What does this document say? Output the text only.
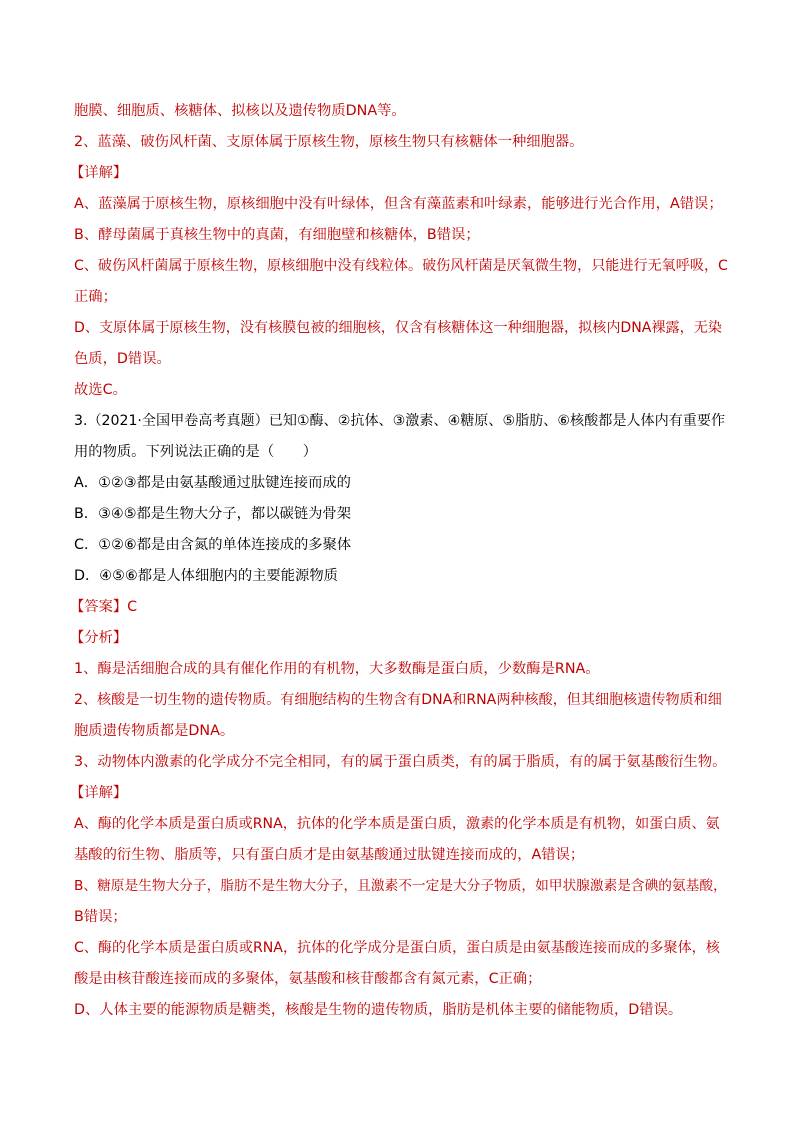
胞膜、细胞质、核糖体、拟核以及遗传物质DNA等。
2、蓝藻、破伤风杆菌、支原体属于原核生物，原核生物只有核糖体一种细胞器。
【详解】
A、蓝藻属于原核生物，原核细胞中没有叶绿体，但含有藻蓝素和叶绿素，能够进行光合作用，A错误；
B、酵母菌属于真核生物中的真菌，有细胞壁和核糖体，B错误；
C、破伤风杆菌属于原核生物，原核细胞中没有线粒体。破伤风杆菌是厌氧微生物，只能进行无氧呼吸，C
正确；
D、支原体属于原核生物，没有核膜包被的细胞核，仅含有核糖体这一种细胞器，拟核内DNA裸露，无染
色质，D错误。
故选C。
3.（2021·全国甲卷高考真题）已知①酶、②抗体、③激素、④糖原、⑤脂肪、⑥核酸都是人体内有重要作
用的物质。下列说法正确的是（　　）
A．①②③都是由氨基酸通过肽键连接而成的
B．③④⑤都是生物大分子，都以碳链为骨架
C．①②⑥都是由含氮的单体连接成的多聚体
D．④⑤⑥都是人体细胞内的主要能源物质
【答案】C
【分析】
1、酶是活细胞合成的具有催化作用的有机物，大多数酶是蛋白质，少数酶是RNA。
2、核酸是一切生物的遗传物质。有细胞结构的生物含有DNA和RNA两种核酸，但其细胞核遗传物质和细
胞质遗传物质都是DNA。
3、动物体内激素的化学成分不完全相同，有的属于蛋白质类，有的属于脂质，有的属于氨基酸衍生物。
【详解】
A、酶的化学本质是蛋白质或RNA，抗体的化学本质是蛋白质，激素的化学本质是有机物，如蛋白质、氨
基酸的衍生物、脂质等，只有蛋白质才是由氨基酸通过肽键连接而成的，A错误；
B、糖原是生物大分子，脂肪不是生物大分子，且激素不一定是大分子物质，如甲状腺激素是含碘的氨基酸，
B错误；
C、酶的化学本质是蛋白质或RNA，抗体的化学成分是蛋白质，蛋白质是由氨基酸连接而成的多聚体，核
酸是由核苷酸连接而成的多聚体，氨基酸和核苷酸都含有氮元素，C正确；
D、人体主要的能源物质是糖类，核酸是生物的遗传物质，脂肪是机体主要的储能物质，D错误。
